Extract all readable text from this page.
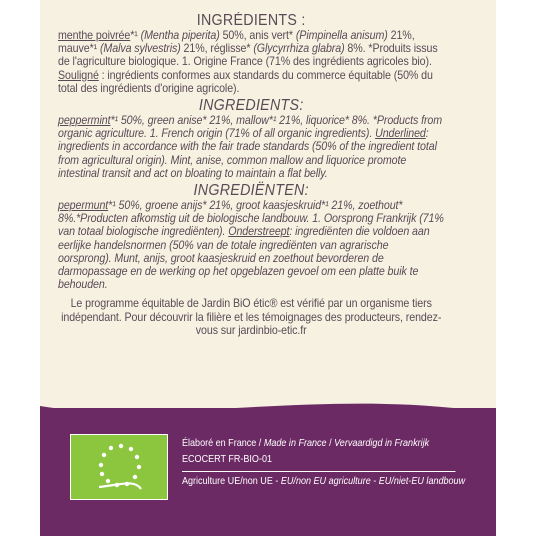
INGRÉDIENTS :

menthe poivrée*¹ (Mentha piperita) 50%, anis vert* (Pimpinella anisum) 21%, mauve*¹ (Malva sylvestris) 21%, réglisse* (Glycyrrhiza glabra) 8%. *Produits issus de l'agriculture biologique. 1. Origine France (71% des ingrédients agricoles bio). Souligné : ingrédients conformes aux standards du commerce équitable (50% du total des ingrédients d'origine agricole).

INGREDIENTS:

peppermint*¹ 50%, green anise* 21%, mallow*¹ 21%, liquorice* 8%. *Products from organic agriculture. 1. French origin (71% of all organic ingredients). Underlined: ingredients in accordance with the fair trade standards (50% of the ingredient total from agricultural origin). Mint, anise, common mallow and liquorice promote intestinal transit and act on bloating to maintain a flat belly.

INGREDIËNTEN:

pepermunt*¹ 50%, groene anijs* 21%, groot kaasjeskruid*¹ 21%, zoethout* 8%.*Producten afkomstig uit de biologische landbouw. 1. Oorsprong Frankrijk (71% van totaal biologische ingrediënten). Onderstreept: ingrediënten die voldoen aan eerlijke handelsnormen (50% van de totale ingrediënten van agrarische oorsprong). Munt, anijs, groot kaasjeskruid en zoethout bevorderen de darmopassage en de werking op het opgeblazen gevoel om een platte buik te behouden.

Le programme équitable de Jardin BiO étic® est vérifié par un organisme tiers indépendant. Pour découvrir la filière et les témoignages des producteurs, rendez-vous sur jardinbio-etic.fr

Élaboré en France / Made in France / Vervaardigd in Frankrijk
ECOCERT FR-BIO-01
Agriculture UE/non UE - EU/non EU agriculture - EU/niet-EU landbouw
